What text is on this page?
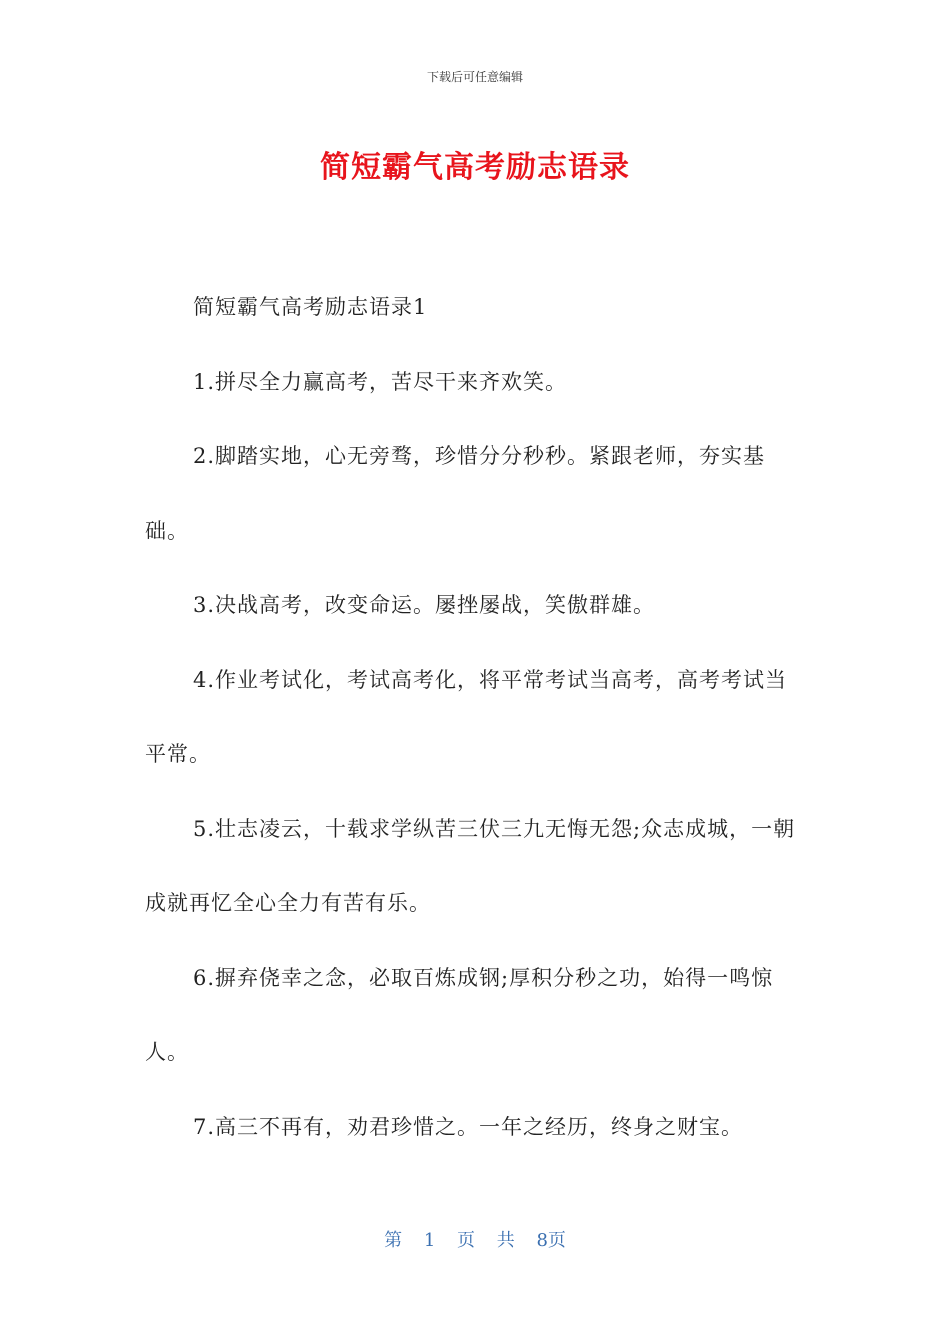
下载后可任意编辑
简短霸气高考励志语录

简短霸气高考励志语录1

1.拼尽全力赢高考，苦尽干来齐欢笑。

2.脚踏实地，心无旁骛，珍惜分分秒秒。紧跟老师，夯实基础。

3.决战高考，改变命运。屡挫屡战，笑傲群雄。

4.作业考试化，考试高考化，将平常考试当高考，高考考试当平常。

5.壮志凌云，十载求学纵苦三伏三九无悔无怨;众志成城，一朝成就再忆全心全力有苦有乐。

6.摒弃侥幸之念，必取百炼成钢;厚积分秒之功，始得一鸣惊人。

7.高三不再有，劝君珍惜之。一年之经历，终身之财宝。

第 1 页 共 8页
